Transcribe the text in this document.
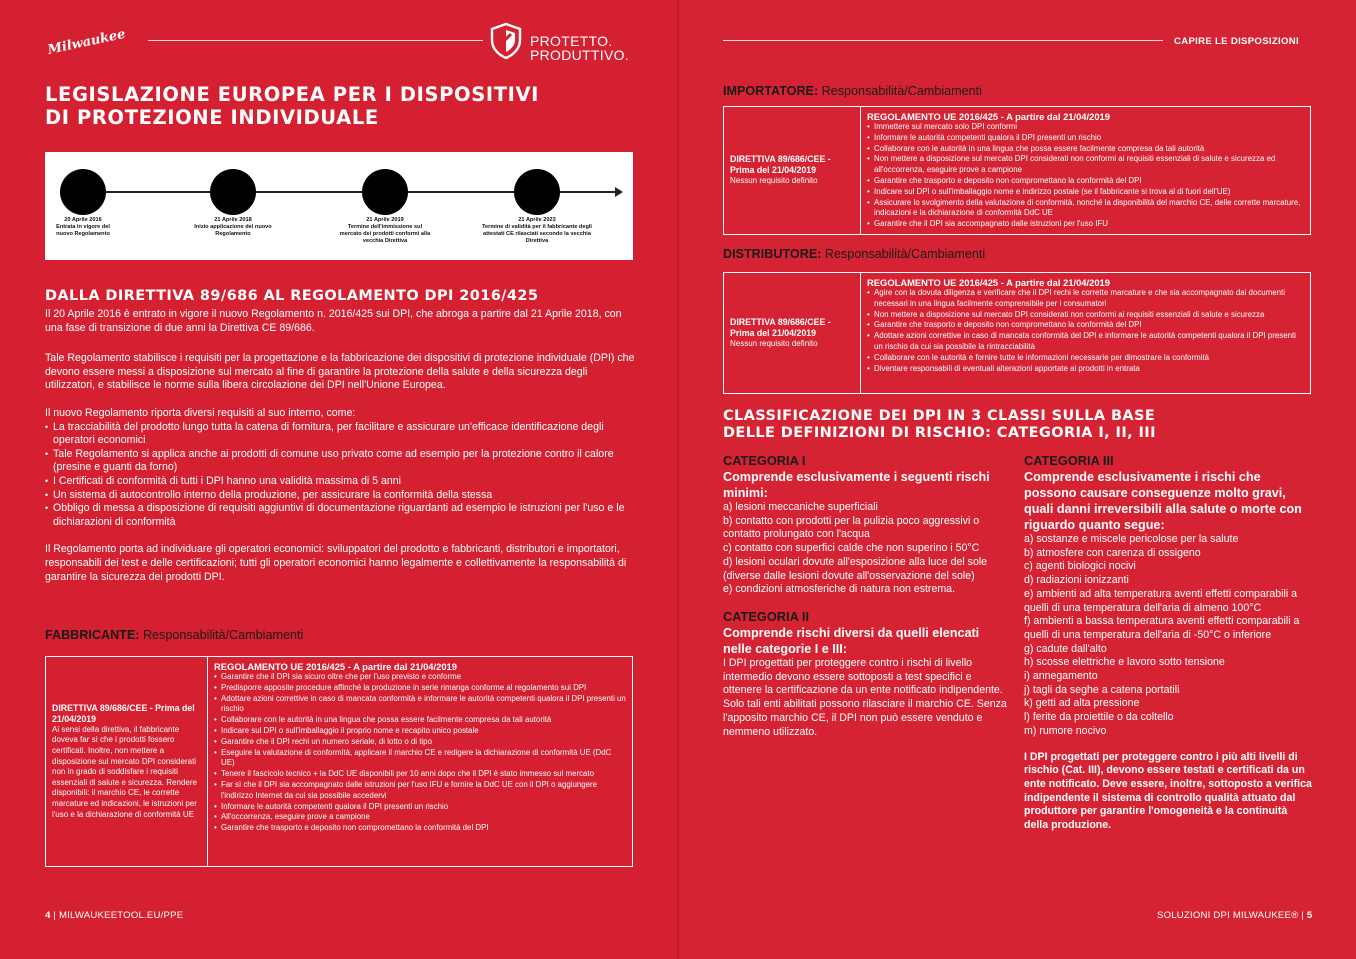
Milwaukee	PROTETTO.
PRODUTTIVO.
LEGISLAZIONE EUROPEA PER I DISPOSITIVI
DI PROTEZIONE INDIVIDUALE
20 Aprile 2016
Entrata in vigore del nuovo Regolamento
21 Aprile 2018
Inizio applicazione del nuovo Regolamento
21 Aprile 2019
Termine dell'immissione sul mercato dei prodotti conformi alla vecchia Direttiva
21 Aprile 2023
Termine di validità per il fabbricante degli attestati CE rilasciati secondo la vecchia Direttiva
DALLA DIRETTIVA 89/686 AL REGOLAMENTO DPI 2016/425

Il 20 Aprile 2016 è entrato in vigore il nuovo Regolamento n. 2016/425 sui DPI, che abroga a partire dal 21 Aprile 2018, con una fase di transizione di due anni la Direttiva CE 89/686.

Tale Regolamento stabilisce i requisiti per la progettazione e la fabbricazione dei dispositivi di protezione individuale (DPI) che devono essere messi a disposizione sul mercato al fine di garantire la protezione della salute e della sicurezza degli utilizzatori, e stabilisce le norme sulla libera circolazione dei DPI nell'Unione Europea.

Il nuovo Regolamento riporta diversi requisiti al suo interno, come:

• La tracciabilità del prodotto lungo tutta la catena di fornitura, per facilitare e assicurare un'efficace identificazione degli operatori economici
• Tale Regolamento si applica anche ai prodotti di comune uso privato come ad esempio per la protezione contro il calore (presine e guanti da forno)
• I Certificati di conformità di tutti i DPI hanno una validità massima di 5 anni
• Un sistema di autocontrollo interno della produzione, per assicurare la conformità della stessa
• Obbligo di messa a disposizione di requisiti aggiuntivi di documentazione riguardanti ad esempio le istruzioni per l'uso e le dichiarazioni di conformità

Il Regolamento porta ad individuare gli operatori economici: sviluppatori del prodotto e fabbricanti, distributori e importatori, responsabili dei test e delle certificazioni; tutti gli operatori economici hanno legalmente e collettivamente la responsabilità di garantire la sicurezza dei prodotti DPI.

FABBRICANTE: Responsabilità/Cambiamenti
DIRETTIVA 89/686/CEE - Prima del 21/04/2019
Ai sensi della direttiva, il fabbricante doveva far sì che i prodotti fossero certificati. Inoltre, non mettere a disposizione sul mercato DPI considerati non in grado di soddisfare i requisiti essenziali di salute e sicurezza. Rendere disponibili: il marchio CE, le corrette marcature ed indicazioni, le istruzioni per l'uso e la dichiarazione di conformità UE
REGOLAMENTO UE 2016/425 - A partire dal 21/04/2019
• Garantire che il DPI sia sicuro oltre che per l'uso previsto e conforme
• Predisporre apposite procedure affinché la produzione in serie rimanga conforme al regolamento sui DPI
• Adottare azioni correttive in caso di mancata conformità e informare le autorità competenti qualora il DPI presenti un rischio
• Collaborare con le autorità in una lingua che possa essere facilmente compresa da tali autorità
• Indicare sul DPI o sull'imballaggio il proprio nome e recapito unico postale
• Garantire che il DPI rechi un numero seriale, di lotto o di tipo
• Eseguire la valutazione di conformità, applicare il marchio CE e redigere la dichiarazione di conformità UE (DdC UE)
• Tenere il fascicolo tecnico + la DdC UE disponibili per 10 anni dopo che il DPI è stato immesso sul mercato
• Far sì che il DPI sia accompagnato dalle istruzioni per l'uso IFU e fornire la DdC UE con il DPI o aggiungere l'indirizzo Internet da cui sia possibile accedervi
• Informare le autorità competenti qualora il DPI presenti un rischio
• All'occorrenza, eseguire prove a campione
• Garantire che trasporto e deposito non compromettano la conformità del DPI
4 | MILWAUKEETOOL.EU/PPE
CAPIRE LE DISPOSIZIONI
IMPORTATORE: Responsabilità/Cambiamenti
DIRETTIVA 89/686/CEE - Prima del 21/04/2019
Nessun requisito definito
REGOLAMENTO UE 2016/425 - A partire dal 21/04/2019
• Immettere sul mercato solo DPI conformi
• Informare le autorità competenti qualora il DPI presenti un rischio
• Collaborare con le autorità in una lingua che possa essere facilmente compresa da tali autorità
• Non mettere a disposizione sul mercato DPI considerati non conformi ai requisiti essenziali di salute e sicurezza ed all'occorrenza, eseguire prove a campione
• Garantire che trasporto e deposito non compromettano la conformità del DPI
• Indicare sul DPI o sull'imballaggio nome e indirizzo postale (se il fabbricante si trova al di fuori dell'UE)
• Assicurare lo svolgimento della valutazione di conformità, nonché la disponibilità del marchio CE, delle corrette marcature, indicazioni e la dichiarazione di conformità DdC UE
• Garantire che il DPI sia accompagnato dalle istruzioni per l'uso IFU
DISTRIBUTORE: Responsabilità/Cambiamenti
DIRETTIVA 89/686/CEE - Prima del 21/04/2019
Nessun requisito definito
REGOLAMENTO UE 2016/425 - A partire dal 21/04/2019
• Agire con la dovuta diligenza e verificare che il DPI rechi le corrette marcature e che sia accompagnato dai documenti necessari in una lingua facilmente comprensibile per i consumatori
• Non mettere a disposizione sul mercato DPI considerati non conformi ai requisiti essenziali di salute e sicurezza
• Garantire che trasporto e deposito non compromettano la conformità del DPI
• Adottare azioni correttive in caso di mancata conformità del DPI e informare le autorità competenti qualora il DPI presenti un rischio da cui sia possibile la rintracciabilità
• Collaborare con le autorità e fornire tutte le informazioni necessarie per dimostrare la conformità
• Diventare responsabili di eventuali alterazioni apportate ai prodotti in entrata
CLASSIFICAZIONE DEI DPI IN 3 CLASSI SULLA BASE
DELLE DEFINIZIONI DI RISCHIO: CATEGORIA I, II, III
CATEGORIA I
Comprende esclusivamente i seguenti rischi minimi:
a) lesioni meccaniche superficiali
b) contatto con prodotti per la pulizia poco aggressivi o contatto prolungato con l'acqua
c) contatto con superfici calde che non superino i 50°C
d) lesioni oculari dovute all'esposizione alla luce del sole (diverse dalle lesioni dovute all'osservazione del sole)
e) condizioni atmosferiche di natura non estrema.
CATEGORIA II
Comprende rischi diversi da quelli elencati nelle categorie I e III:
I DPI progettati per proteggere contro i rischi di livello intermedio devono essere sottoposti a test specifici e ottenere la certificazione da un ente notificato indipendente. Solo tali enti abilitati possono rilasciare il marchio CE. Senza l'apposito marchio CE, il DPI non può essere venduto e nemmeno utilizzato.
CATEGORIA III
Comprende esclusivamente i rischi che possono causare conseguenze molto gravi, quali danni irreversibili alla salute o morte con riguardo quanto segue:
a) sostanze e miscele pericolose per la salute
b) atmosfere con carenza di ossigeno
c) agenti biologici nocivi
d) radiazioni ionizzanti
e) ambienti ad alta temperatura aventi effetti comparabili a quelli di una temperatura dell'aria di almeno 100°C
f) ambienti a bassa temperatura aventi effetti comparabili a quelli di una temperatura dell'aria di -50°C o inferiore
g) cadute dall'alto
h) scosse elettriche e lavoro sotto tensione
i) annegamento
j) tagli da seghe a catena portatili
k) getti ad alta pressione
l) ferite da proiettile o da coltello
m) rumore nocivo
I DPI progettati per proteggere contro i più alti livelli di rischio (Cat. III), devono essere testati e certificati da un ente notificato. Deve essere, inoltre, sottoposto a verifica indipendente il sistema di controllo qualità attuato dal produttore per garantire l'omogeneità e la continuità della produzione.
SOLUZIONI DPI MILWAUKEE® | 5
